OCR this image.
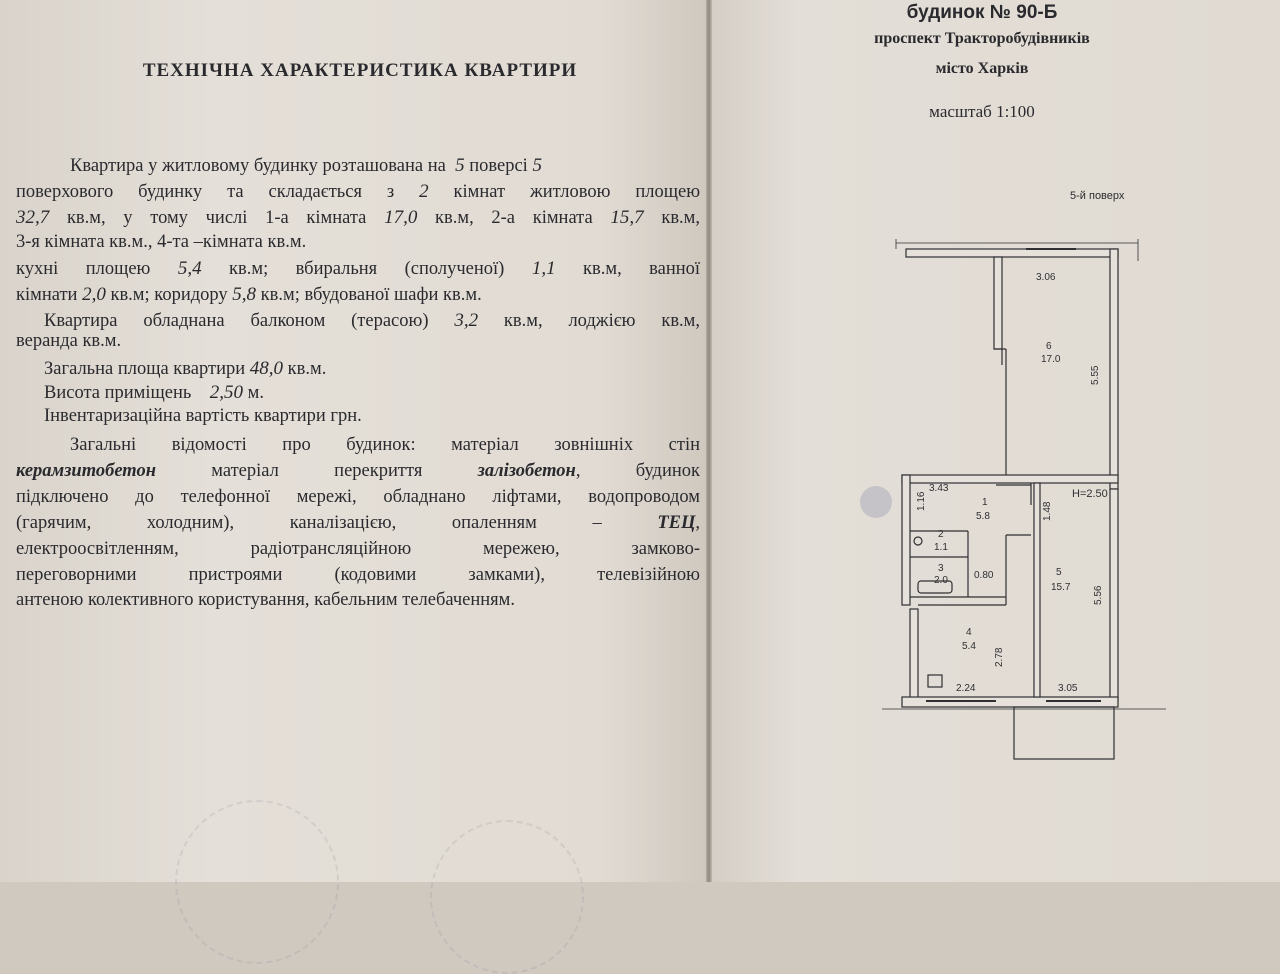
ТЕХНІЧНА ХАРАКТЕРИСТИКА КВАРТИРИ

Квартира у житловому будинку розташована на 5 поверсі 5

поверхового будинку та складається з 2 кімнат житловою площею

32,7 кв.м, у тому числі 1-а кімната 17,0 кв.м, 2-а кімната 15,7 кв.м,

3-я кімната кв.м., 4-та –кімната кв.м.

кухні площею 5,4 кв.м; вбиральня (сполученої) 1,1 кв.м, ванної

кімнати 2,0 кв.м; коридору 5,8 кв.м; вбудованої шафи кв.м.

Квартира обладнана балконом (терасою) 3,2 кв.м, лоджією кв.м,

веранда кв.м.

Загальна площа квартири 48,0 кв.м.

Висота приміщень 2,50 м.

Інвентаризаційна вартість квартири грн.

Загальні відомості про будинок: матеріал зовнішніх стін

керамзитобетон	матеріал перекриття	залізобетон, будинок

підключено до телефонної мережі, обладнано ліфтами, водопроводом

(гарячим, холодним), каналізацією, опаленням –	ТЕЦ,

електроосвітленням, радіотрансляційною мережею, замково-

переговорними пристроями (кодовими замками), телевізійною

антеною колективного користування, кабельним телебаченням.

будинок № 90-Б

проспект Тракторобудівників

місто Харків

масштаб 1:100

5-й поверх
3.06
5.55
6
17.0
3.43
1.16	1
5.8
H=2.50
1.48
2
1.1
3
2.0	0.80	5
15.7 5.56
4
5.4
2.78
2.24	3.05
